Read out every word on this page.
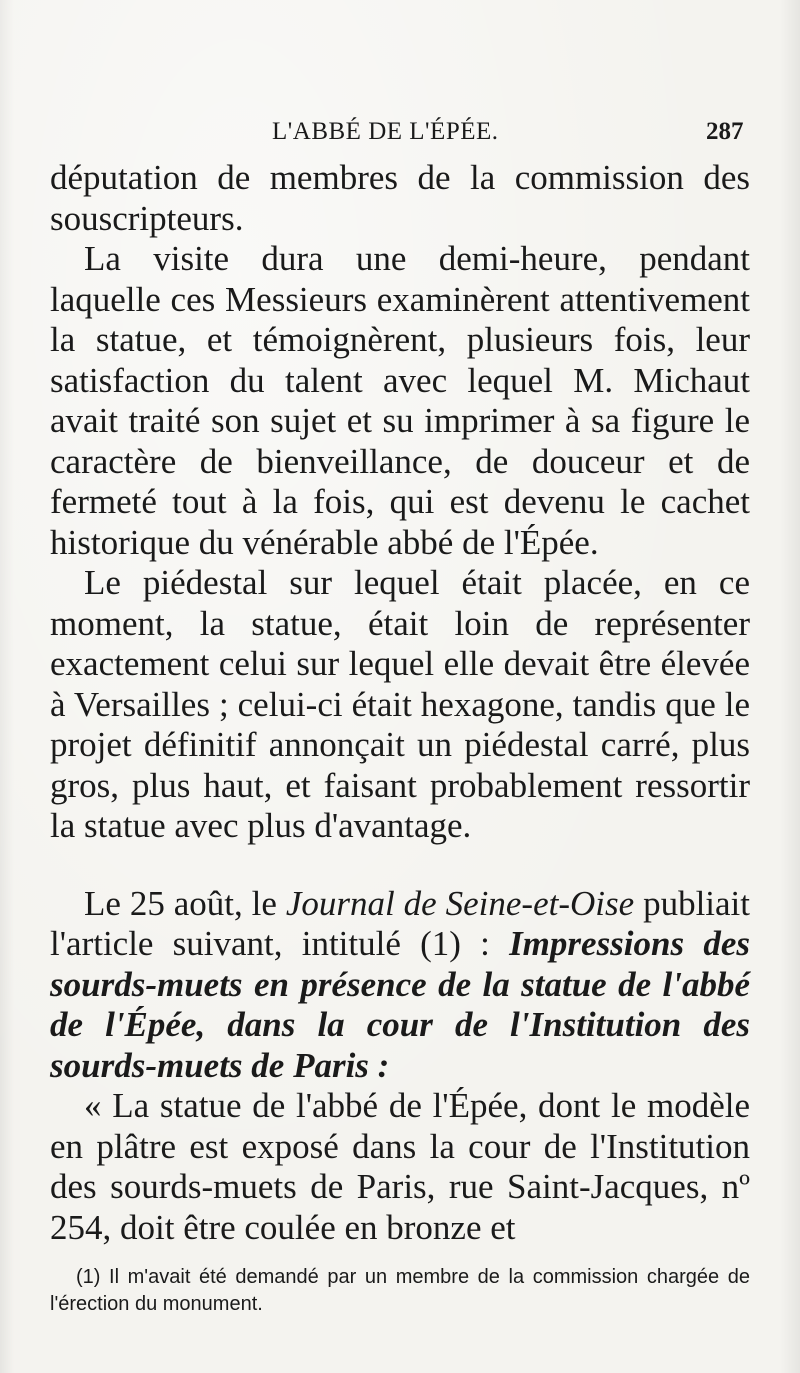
L'ABBÉ DE L'ÉPÉE.	287

députation de membres de la commission des souscripteurs.

La visite dura une demi-heure, pendant laquelle ces Messieurs examinèrent attentivement la statue, et témoignèrent, plusieurs fois, leur satisfaction du talent avec lequel M. Michaut avait traité son sujet et su imprimer à sa figure le caractère de bienveillance, de douceur et de fermeté tout à la fois, qui est devenu le cachet historique du vénérable abbé de l'Épée.

Le piédestal sur lequel était placée, en ce moment, la statue, était loin de représenter exactement celui sur lequel elle devait être élevée à Versailles ; celui-ci était hexagone, tandis que le projet définitif annonçait un piédestal carré, plus gros, plus haut, et faisant probablement ressortir la statue avec plus d'avantage.

Le 25 août, le Journal de Seine-et-Oise publiait l'article suivant, intitulé (1) : Impressions des sourds-muets en présence de la statue de l'abbé de l'Épée, dans la cour de l'Institution des sourds-muets de Paris :

« La statue de l'abbé de l'Épée, dont le modèle en plâtre est exposé dans la cour de l'Institution des sourds-muets de Paris, rue Saint-Jacques, nº 254, doit être coulée en bronze et

(1) Il m'avait été demandé par un membre de la commission chargée de l'érection du monument.
